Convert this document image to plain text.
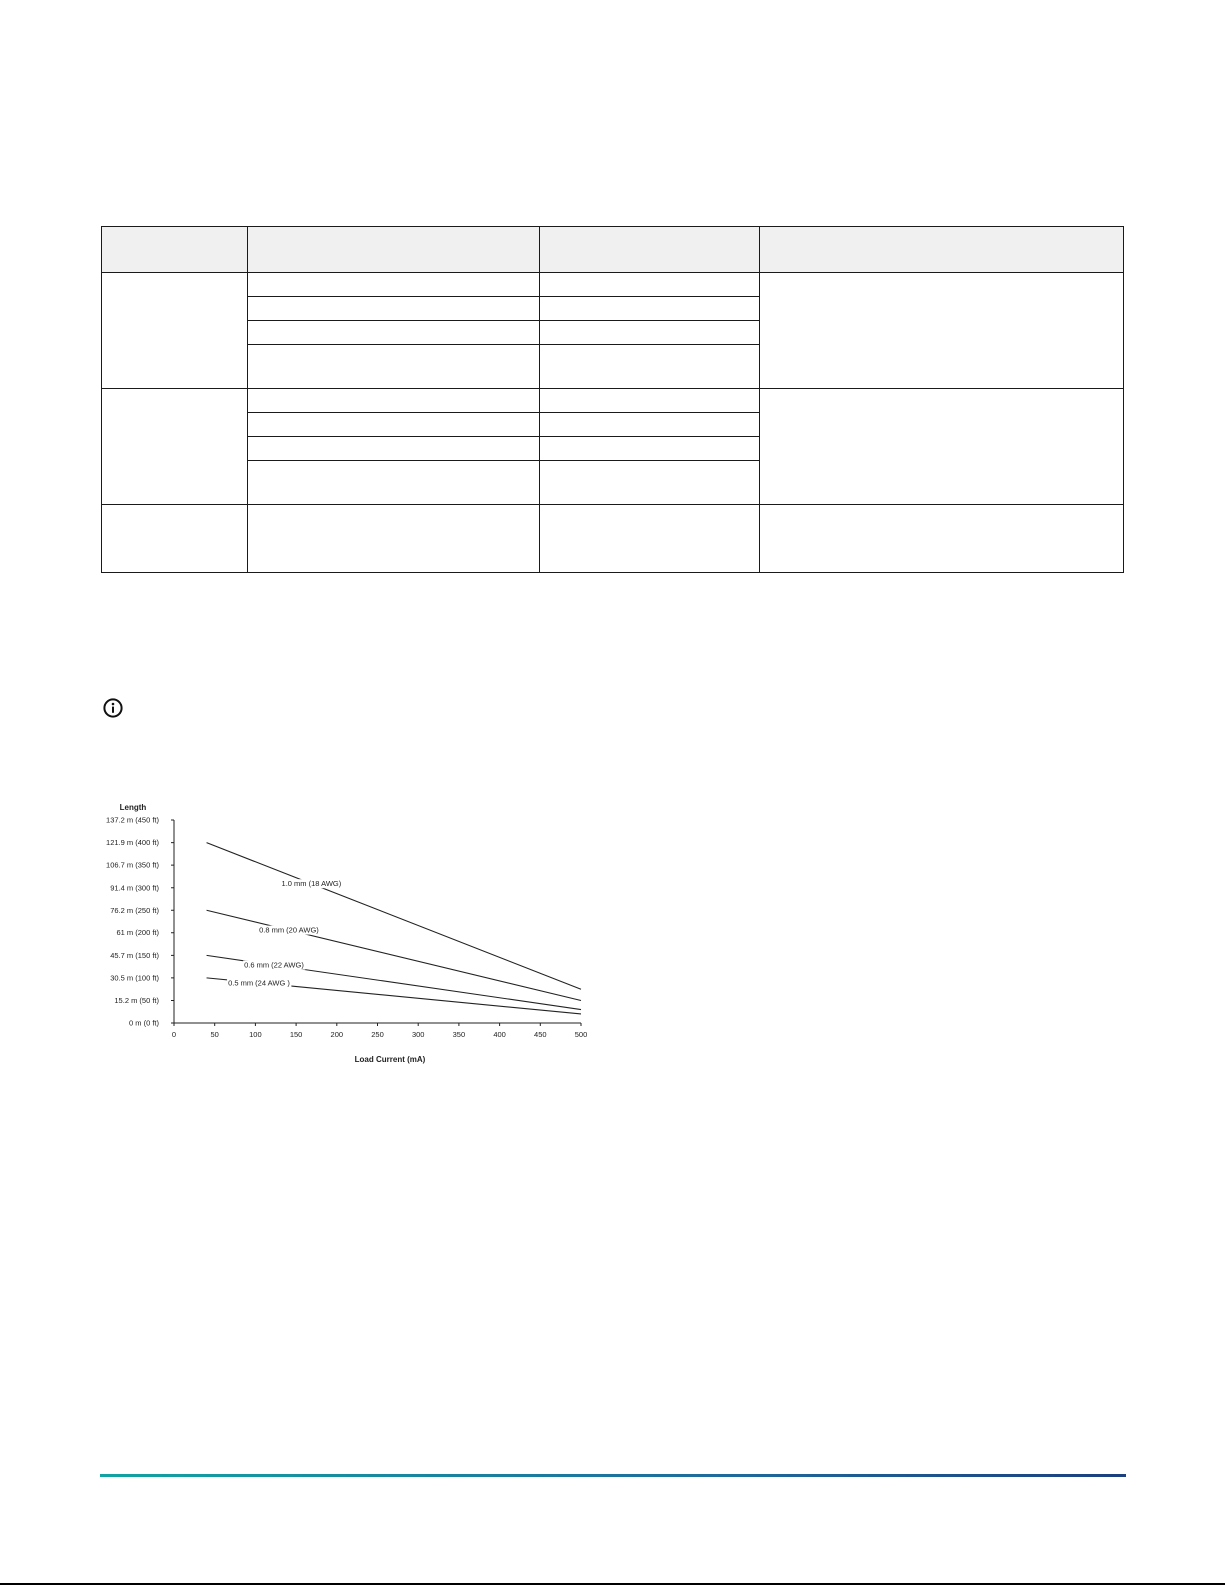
Length
Load Current (mA)
137.2 m (450 ft)
121.9 m (400 ft)
106.7 m (350 ft)
91.4 m (300 ft)
76.2 m (250 ft)
61 m (200 ft)
45.7 m (150 ft)
30.5 m (100 ft)
15.2 m (50 ft)
0 m (0 ft)
0	50	100	150	200	250	300	350	400	450	500
1.0 mm (18 AWG)
0.8 mm (20 AWG)
0.6 mm (22 AWG)
0.5 mm (24 AWG )
